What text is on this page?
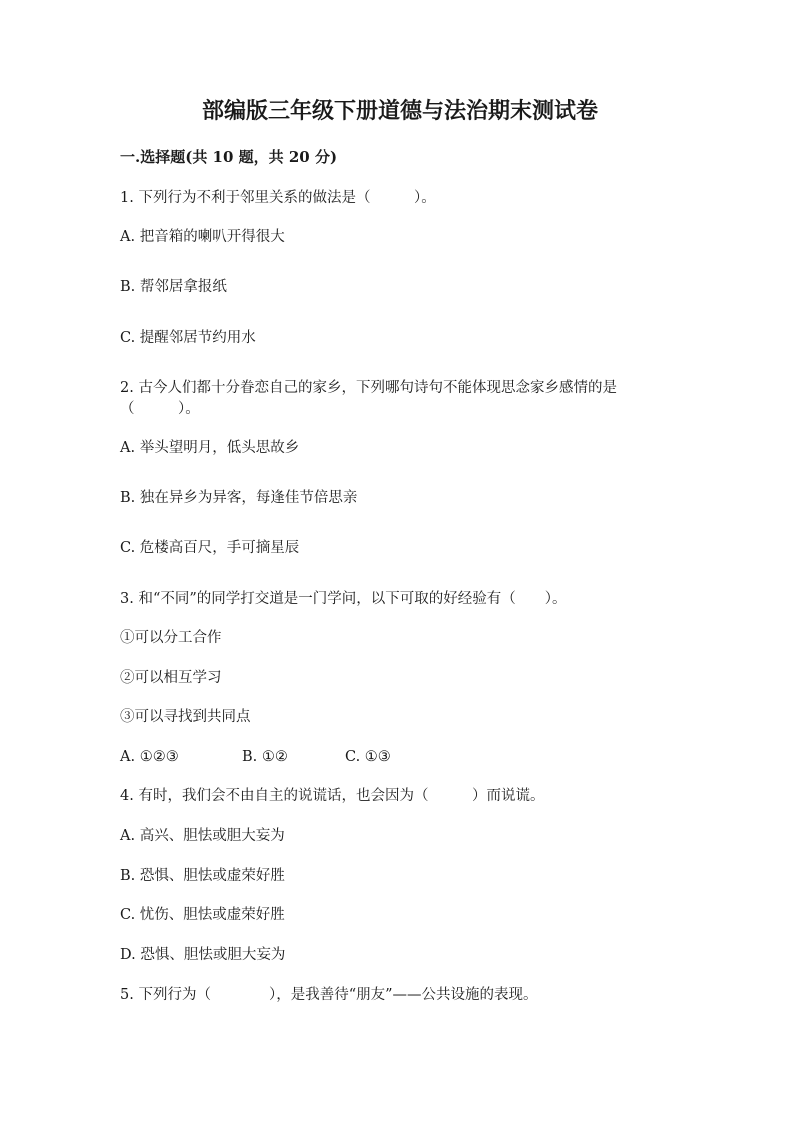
部编版三年级下册道德与法治期末测试卷
一.选择题(共 10 题，共 20 分)
1. 下列行为不利于邻里关系的做法是（　　　）。
A. 把音箱的喇叭开得很大
B. 帮邻居拿报纸
C. 提醒邻居节约用水
2. 古今人们都十分眷恋自己的家乡，下列哪句诗句不能体现思念家乡感情的是
（　　　）。
A. 举头望明月，低头思故乡
B. 独在异乡为异客，每逢佳节倍思亲
C. 危楼高百尺，手可摘星辰
3. 和“不同”的同学打交道是一门学问，以下可取的好经验有（　　）。
①可以分工合作
②可以相互学习
③可以寻找到共同点
A. ①②③	B. ①②	C. ①③
4. 有时，我们会不由自主的说谎话，也会因为（　　　）而说谎。
A. 高兴、胆怯或胆大妄为
B. 恐惧、胆怯或虚荣好胜
C. 忧伤、胆怯或虚荣好胜
D. 恐惧、胆怯或胆大妄为
5. 下列行为（　　　　），是我善待“朋友”——公共设施的表现。
